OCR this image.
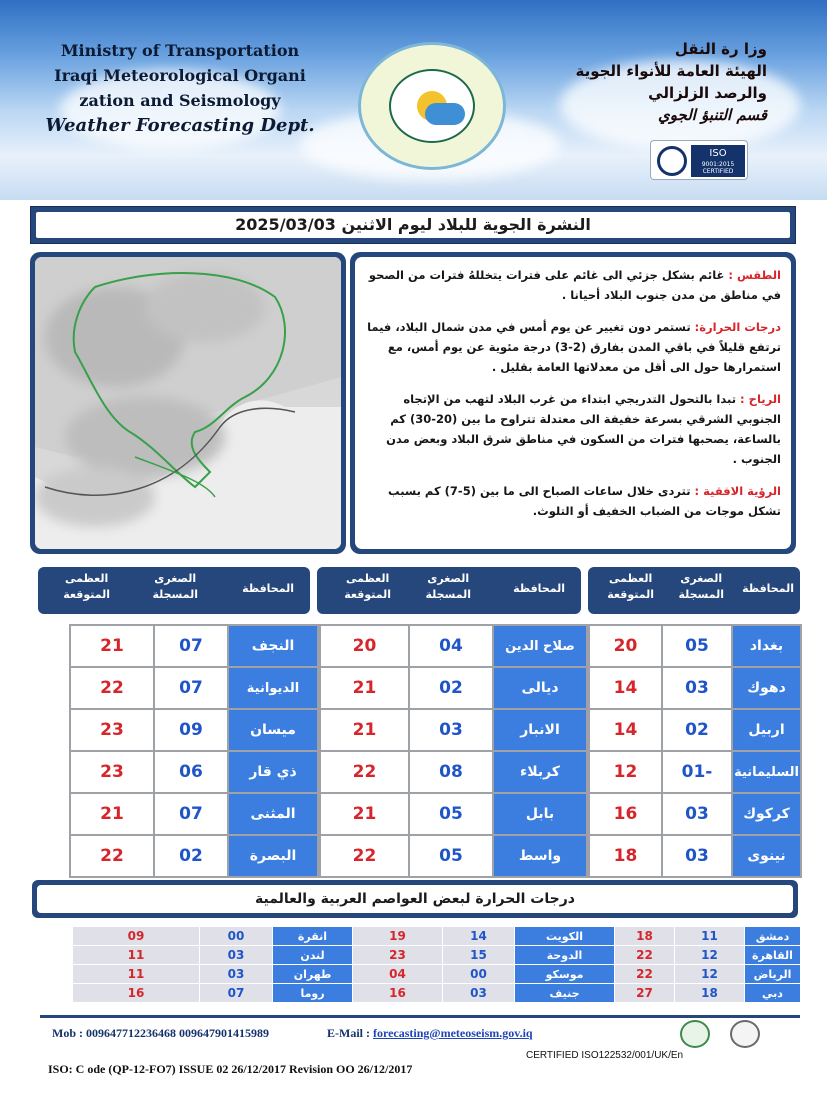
Ministry of Transportation
Iraqi Meteorological Organi
zation and Seismology
Weather Forecasting Dept.
وزا رة النقل
الهيئة العامة للأنواء الجوية
والرصد الزلزالي
قسم التنبؤ الجوي
ISO
9001:2015
CERTIFIED
النشرة الجوية للبلاد ليوم الاثنين 2025/03/03

الطقس : غائم بشكل جزئي الى غائم على فترات يتخللهُ فترات من الصحو في مناطق من مدن جنوب البلاد أحيانا .

درجات الحرارة: تستمر دون تغيير عن يوم أمس في مدن شمال البلاد، فيما ترتفع قليلاً في باقي المدن بفارق (2-3) درجة مئوية عن يوم أمس، مع استمرارها حول الى أقل من معدلاتها العامة بقليل .

الرياح : تبدا بالتحول التدريجي ابتداء من غرب البلاد لتهب من الإتجاه الجنوبي الشرقي بسرعة خفيفة الى معتدلة تتراوح ما بين (20-30) كم بالساعة، يصحبها فترات من السكون في مناطق شرق البلاد وبعض مدن الجنوب .

الرؤية الافقية : تتردى خلال ساعات الصباح الى ما بين (5-7) كم بسبب تشكل موجات من الضباب الخفيف أو التلوث.

المحافظة
الصغرى
المسجلة
العظمى
المتوقعة
المحافظة
الصغرى
المسجلة
العظمى
المتوقعة
المحافظة
الصغرى
المسجلة
العظمى
المتوقعة
بغداد	05	20		صلاح الدين	04	20		النجف	07	21
دهوك	03	14		ديالى	02	21		الديوانية	07	22
اربيل	02	14		الانبار	03	21		ميسان	09	23
السليمانية	-01	12		كربلاء	08	22		ذي قار	06	23
كركوك	03	16		بابل	05	21		المثنى	07	21
نينوى	03	18		واسط	05	22		البصرة	02	22
درجات الحرارة لبعض العواصم العربية والعالمية
دمشق	11	18	الكويت	14	19	انقرة	00	09
القاهرة	12	22	الدوحة	15	23	لندن	03	11
الرياض	12	22	موسكو	00	04	طهران	03	11
دبي	18	27	جنيف	03	16	روما	07	16
Mob : 009647712236468 009647901415989	E-Mail : forecasting@meteoseism.gov.iq
CERTIFIED ISO122532/001/UK/En
ISO: C ode (QP-12-FO7) ISSUE 02 26/12/2017 Revision OO 26/12/2017
